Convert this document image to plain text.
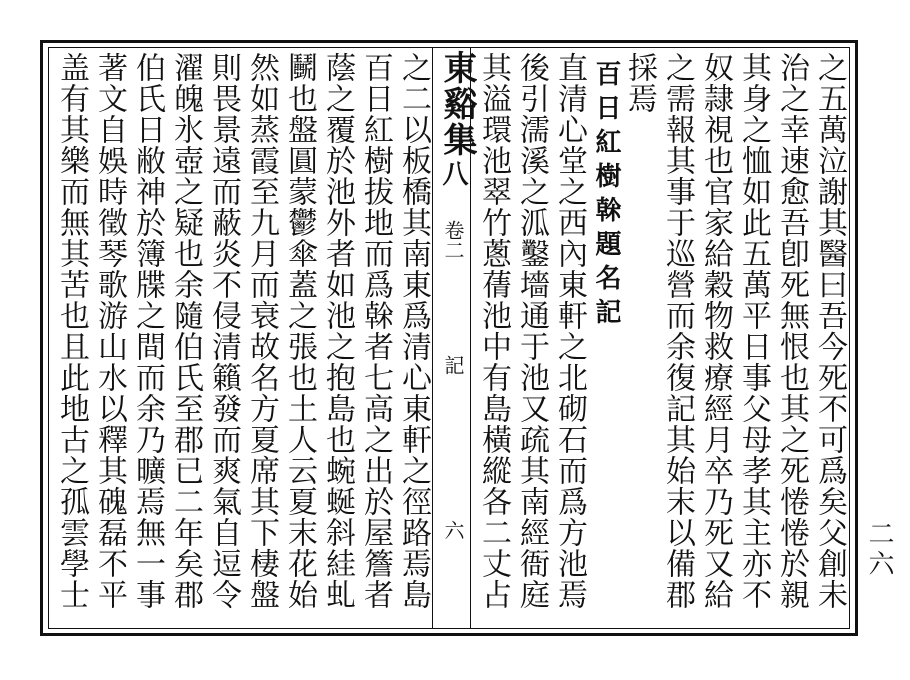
之五萬泣謝其醫曰吾今死不可爲矣父創未
治之幸速愈吾卽死無恨也其之死惓惓於親
其身之恤如此五萬平日事父母孝其主亦不
奴隷視也官家給穀物救療經月卒乃死又給
之需報其事于巡營而余復記其始末以備郡
採焉
百日紅樹榦題名記
直清心堂之西內東軒之北砌石而爲方池焉
後引濡溪之泒鑿墻通于池又疏其南經衙庭
其溢環池翠竹蔥蒨池中有島橫縱各二丈占
東谿集
八
卷二
記
六
之二以板橋其南東爲清心東軒之徑路焉島
百日紅樹拔地而爲榦者七高之出於屋簷者
蔭之覆於池外者如池之抱島也蜿蜒斜絓虬
鬭也盤圓蒙鬱傘蓋之張也土人云夏末花始
然如蒸霞至九月而衰故名方夏席其下棲盤
則畏景遠而蔽炎不侵清籟發而爽氣自逗令
濯魄氷壺之疑也余隨伯氏至郡已二年矣郡
伯氏日敝神於簿牒之間而余乃曠焉無一事
著文自娛時徵琴歌游山水以釋其磈磊不平
盖有其樂而無其苦也且此地古之孤雲學士
二六
